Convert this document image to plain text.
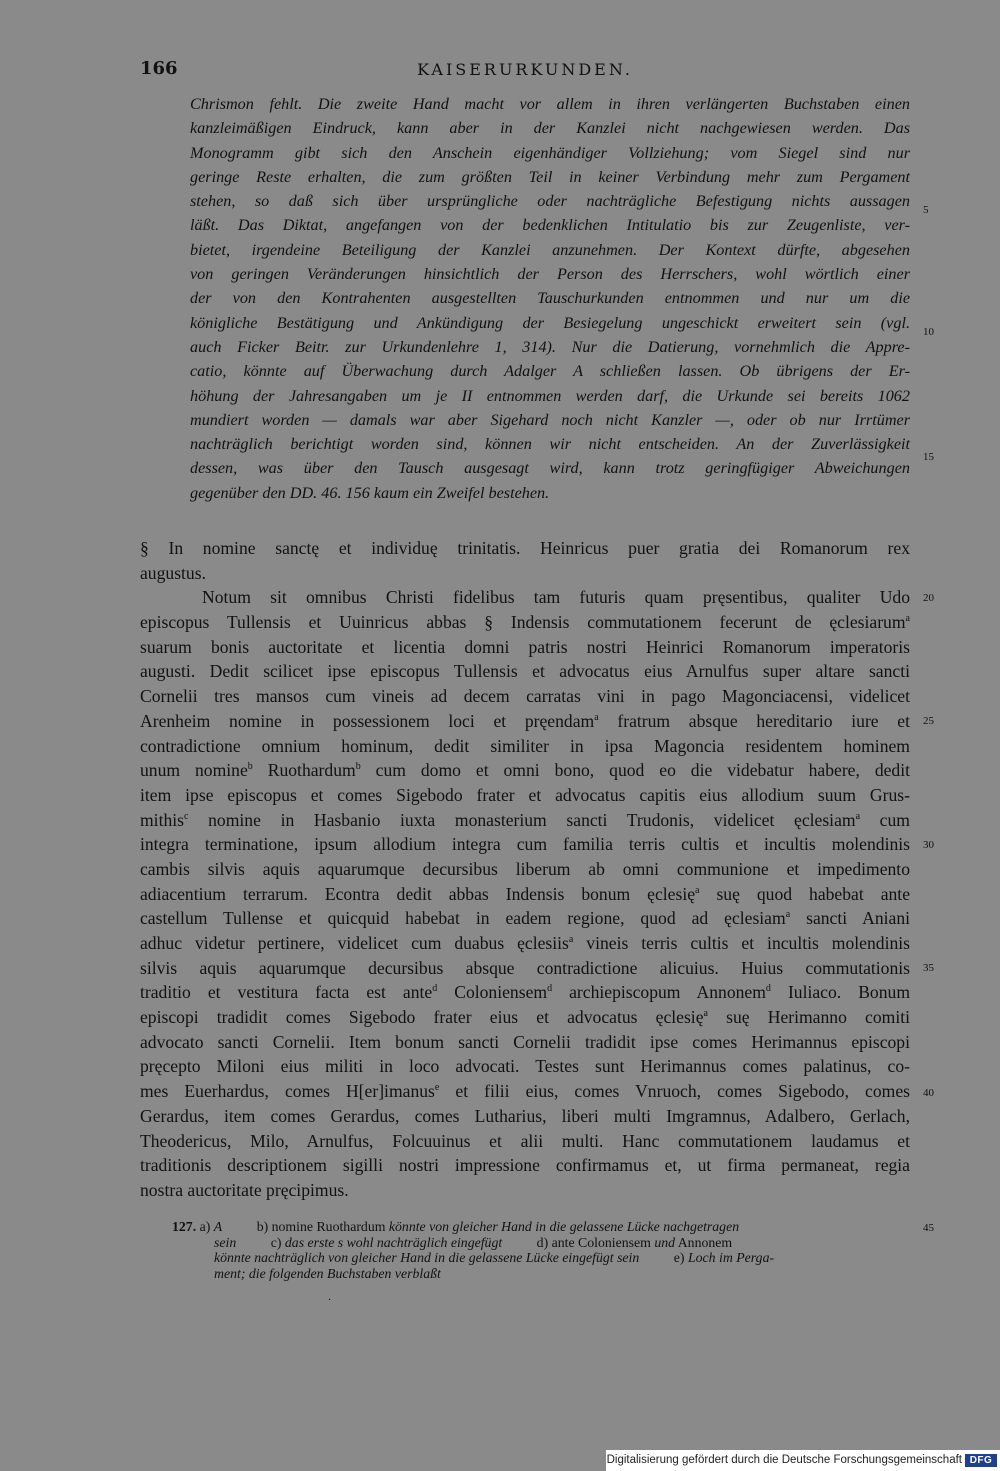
166	KAISERURKUNDEN.
Chrismon fehlt. Die zweite Hand macht vor allem in ihren verlängerten Buchstaben einen
kanzleimäßigen Eindruck, kann aber in der Kanzlei nicht nachgewiesen werden. Das
Monogramm gibt sich den Anschein eigenhändiger Vollziehung; vom Siegel sind nur
geringe Reste erhalten, die zum größten Teil in keiner Verbindung mehr zum Pergament
stehen, so daß sich über ursprüngliche oder nachträgliche Befestigung nichts aussagen
läßt. Das Diktat, angefangen von der bedenklichen Intitulatio bis zur Zeugenliste, ver-
bietet, irgendeine Beteiligung der Kanzlei anzunehmen. Der Kontext dürfte, abgesehen
von geringen Veränderungen hinsichtlich der Person des Herrschers, wohl wörtlich einer
der von den Kontrahenten ausgestellten Tauschurkunden entnommen und nur um die
königliche Bestätigung und Ankündigung der Besiegelung ungeschickt erweitert sein (vgl.
auch Ficker Beitr. zur Urkundenlehre 1, 314). Nur die Datierung, vornehmlich die Appre-
catio, könnte auf Überwachung durch Adalger A schließen lassen. Ob übrigens der Er-
höhung der Jahresangaben um je II entnommen werden darf, die Urkunde sei bereits 1062
mundiert worden — damals war aber Sigehard noch nicht Kanzler —, oder ob nur Irrtümer
nachträglich berichtigt worden sind, können wir nicht entscheiden. An der Zuverlässigkeit
dessen, was über den Tausch ausgesagt wird, kann trotz geringfügiger Abweichungen
gegenüber den DD. 46. 156 kaum ein Zweifel bestehen.
§ In nomine sanctę et individuę trinitatis. Heinricus puer gratia dei Romanorum rex
augustus.
Notum sit omnibus Christi fidelibus tam futuris quam pręsentibus, qualiter Udo
episcopus Tullensis et Uuinricus abbas § Indensis commutationem fecerunt de ęclesiarum$^a$
suarum bonis auctoritate et licentia domni patris nostri Heinrici Romanorum imperatoris
augusti. Dedit scilicet ipse episcopus Tullensis et advocatus eius Arnulfus super altare sancti
Cornelii tres mansos cum vineis ad decem carratas vini in pago Magonciacensi, videlicet
Arenheim nomine in possessionem loci et pręendam$^a$ fratrum absque hereditario iure et
contradictione omnium hominum, dedit similiter in ipsa Magoncia residentem hominem
unum nomine$^b$ Ruothardum$^b$ cum domo et omni bono, quod eo die videbatur habere, dedit
item ipse episcopus et comes Sigebodo frater et advocatus capitis eius allodium suum Grus-
mithis$^c$ nomine in Hasbanio iuxta monasterium sancti Trudonis, videlicet ęclesiam$^a$ cum
integra terminatione, ipsum allodium integra cum familia terris cultis et incultis molendinis
cambis silvis aquis aquarumque decursibus liberum ab omni communione et impedimento
adiacentium terrarum. Econtra dedit abbas Indensis bonum ęclesię$^a$ suę quod habebat ante
castellum Tullense et quicquid habebat in eadem regione, quod ad ęclesiam$^a$ sancti Aniani
adhuc videtur pertinere, videlicet cum duabus ęclesiis$^a$ vineis terris cultis et incultis molendinis
silvis aquis aquarumque decursibus absque contradictione alicuius. Huius commutationis
traditio et vestitura facta est ante$^d$ Coloniensem$^d$ archiepiscopum Annonem$^d$ Iuliaco. Bonum
episcopi tradidit comes Sigebodo frater eius et advocatus ęclesię$^a$ suę Herimanno comiti
advocato sancti Cornelii. Item bonum sancti Cornelii tradidit ipse comes Herimannus episcopi
pręcepto Miloni eius militi in loco advocati. Testes sunt Herimannus comes palatinus, co-
mes Euerhardus, comes H[er]imanus$^e$ et filii eius, comes Vnruoch, comes Sigebodo, comes
Gerardus, item comes Gerardus, comes Lutharius, liberi multi Imgramnus, Adalbero, Gerlach,
Theodericus, Milo, Arnulfus, Folcuuinus et alii multi. Hanc commutationem laudamus et
traditionis descriptionem sigilli nostri impressione confirmamus et, ut firma permaneat, regia
nostra auctoritate pręcipimus.
5
10
15
20
25
30
35
40
45
127. a) A          b) nomine Ruothardum könnte von gleicher Hand in die gelassene Lücke nachgetragen
sein          c) das erste s wohl nachträglich eingefügt          d) ante Coloniensem und Annonem
könnte nachträglich von gleicher Hand in die gelassene Lücke eingefügt sein          e) Loch im Perga-
ment; die folgenden Buchstaben verblaßt
·
Digitalisierung gefördert durch die Deutsche Forschungsgemeinschaft DFG
